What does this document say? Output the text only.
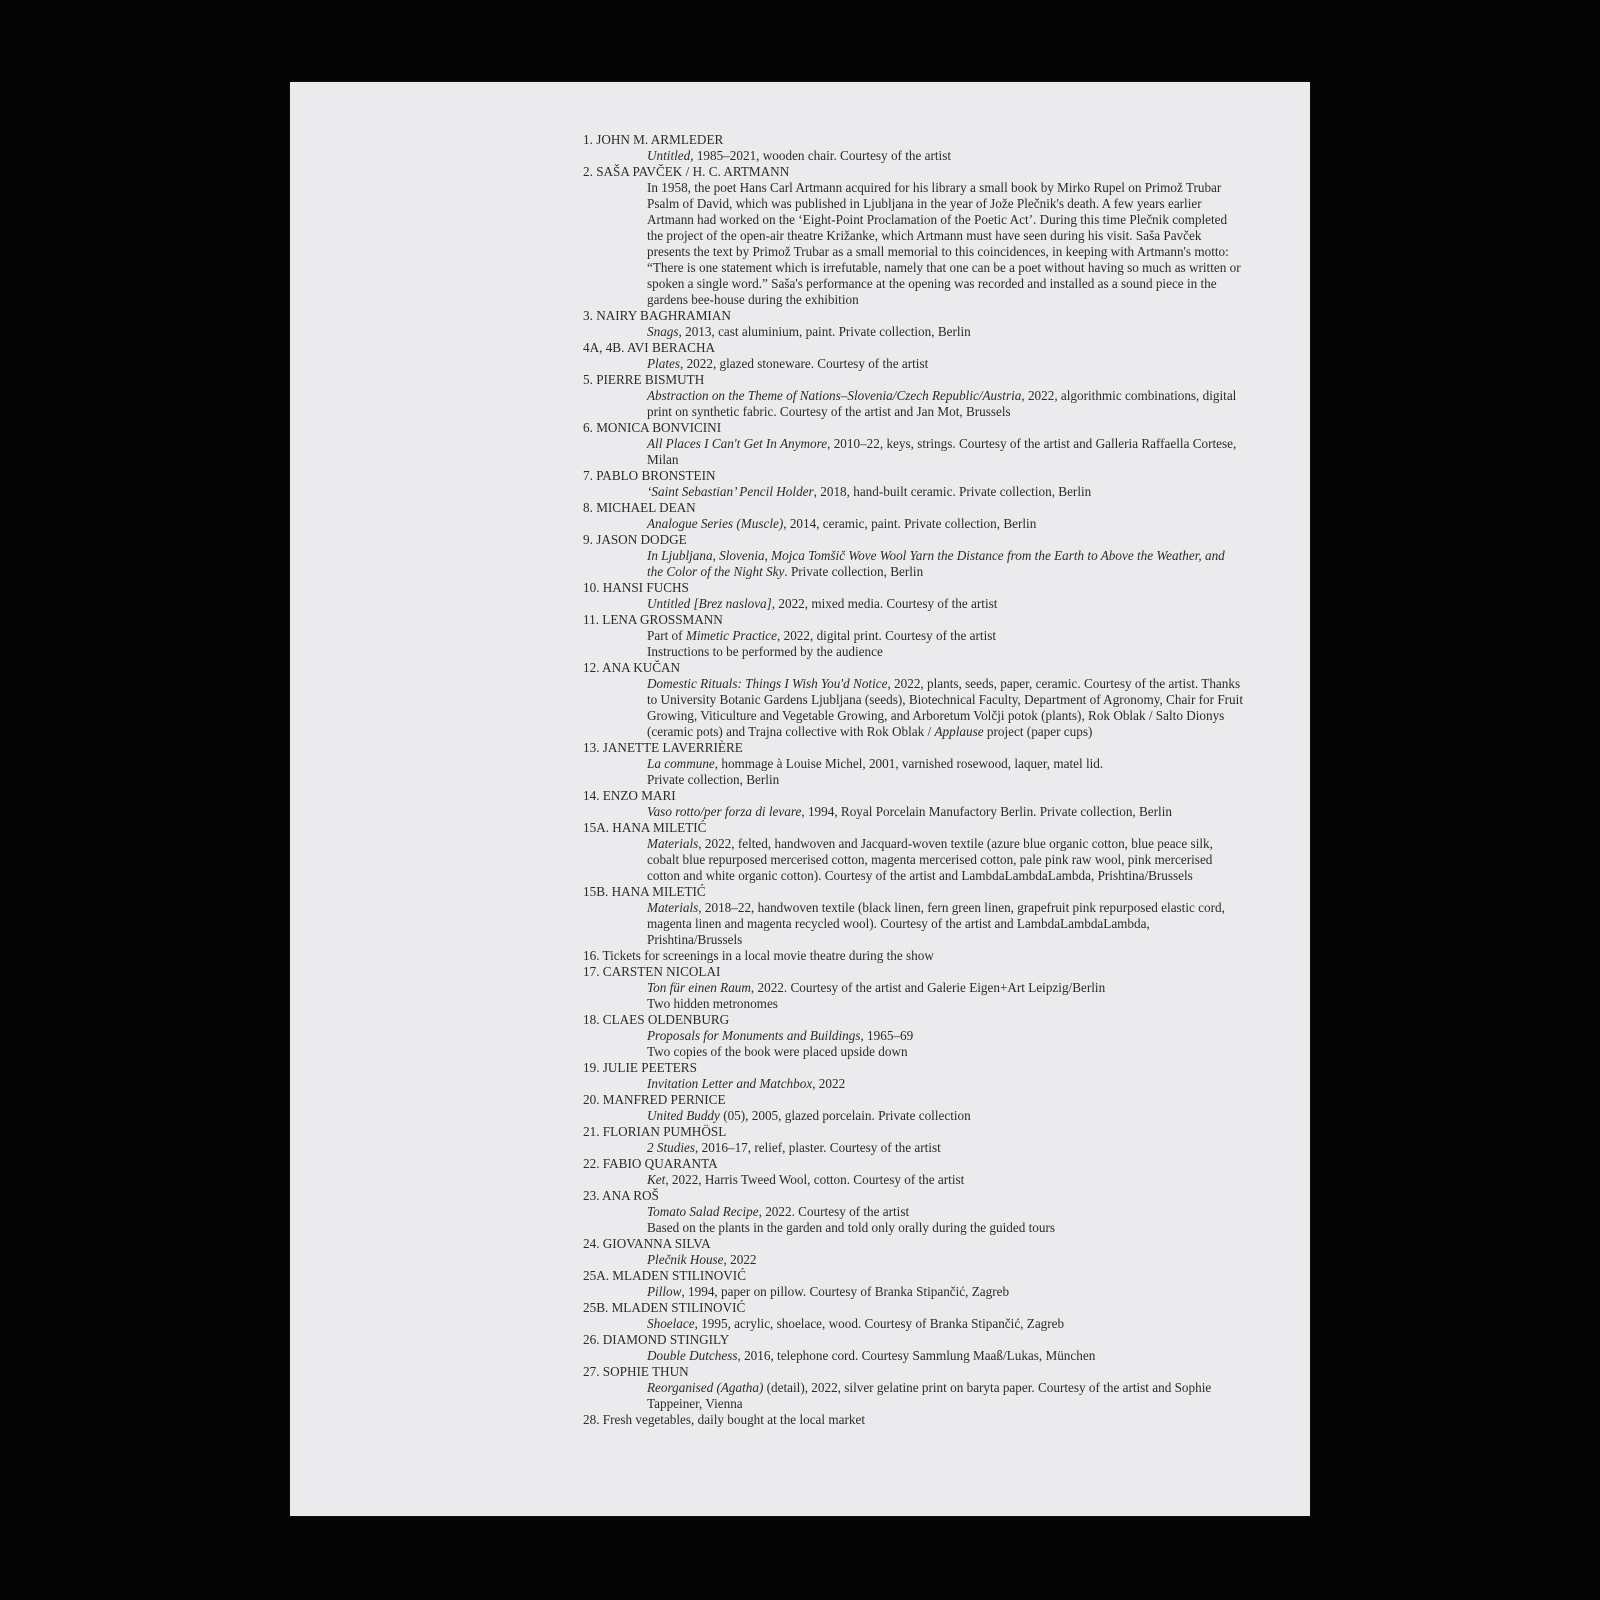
1. JOHN M. ARMLEDER
Untitled, 1985–2021, wooden chair. Courtesy of the artist
2. SAŠA PAVČEK / H. C. ARTMANN
In 1958, the poet Hans Carl Artmann acquired for his library a small book by Mirko Rupel on Primož Trubar Psalm of David, which was published in Ljubljana in the year of Jože Plečnik's death. A few years earlier Artmann had worked on the ‘Eight-Point Proclamation of the Poetic Act’. During this time Plečnik completed the project of the open-air theatre Križanke, which Artmann must have seen during his visit. Saša Pavček presents the text by Primož Trubar as a small memorial to this coincidences, in keeping with Artmann's motto: “There is one statement which is irrefutable, namely that one can be a poet without having so much as written or spoken a single word.” Saša's performance at the opening was recorded and installed as a sound piece in the gardens bee-house during the exhibition
3. NAIRY BAGHRAMIAN
Snags, 2013, cast aluminium, paint. Private collection, Berlin
4A, 4B. AVI BERACHA
Plates, 2022, glazed stoneware. Courtesy of the artist
5. PIERRE BISMUTH
Abstraction on the Theme of Nations–Slovenia/Czech Republic/Austria, 2022, algorithmic combinations, digital print on synthetic fabric. Courtesy of the artist and Jan Mot, Brussels
6. MONICA BONVICINI
All Places I Can't Get In Anymore, 2010–22, keys, strings. Courtesy of the artist and Galleria Raffaella Cortese, Milan
7. PABLO BRONSTEIN
‘Saint Sebastian’ Pencil Holder, 2018, hand-built ceramic. Private collection, Berlin
8. MICHAEL DEAN
Analogue Series (Muscle), 2014, ceramic, paint. Private collection, Berlin
9. JASON DODGE
In Ljubljana, Slovenia, Mojca Tomšič Wove Wool Yarn the Distance from the Earth to Above the Weather, and the Color of the Night Sky. Private collection, Berlin
10. HANSI FUCHS
Untitled [Brez naslova], 2022, mixed media. Courtesy of the artist
11. LENA GROSSMANN
Part of Mimetic Practice, 2022, digital print. Courtesy of the artist
Instructions to be performed by the audience
12. ANA KUČAN
Domestic Rituals: Things I Wish You'd Notice, 2022, plants, seeds, paper, ceramic. Courtesy of the artist. Thanks to University Botanic Gardens Ljubljana (seeds), Biotechnical Faculty, Department of Agronomy, Chair for Fruit Growing, Viticulture and Vegetable Growing, and Arboretum Volčji potok (plants), Rok Oblak / Salto Dionys (ceramic pots) and Trajna collective with Rok Oblak / Applause project (paper cups)
13. JANETTE LAVERRIÈRE
La commune, hommage à Louise Michel, 2001, varnished rosewood, laquer, matel lid.
Private collection, Berlin
14. ENZO MARI
Vaso rotto/per forza di levare, 1994, Royal Porcelain Manufactory Berlin. Private collection, Berlin
15A. HANA MILETIĆ
Materials, 2022, felted, handwoven and Jacquard-woven textile (azure blue organic cotton, blue peace silk, cobalt blue repurposed mercerised cotton, magenta mercerised cotton, pale pink raw wool, pink mercerised cotton and white organic cotton). Courtesy of the artist and LambdaLambdaLambda, Prishtina/Brussels
15B. HANA MILETIĆ
Materials, 2018–22, handwoven textile (black linen, fern green linen, grapefruit pink repurposed elastic cord, magenta linen and magenta recycled wool). Courtesy of the artist and LambdaLambdaLambda, Prishtina/Brussels
16. Tickets for screenings in a local movie theatre during the show
17. CARSTEN NICOLAI
Ton für einen Raum, 2022. Courtesy of the artist and Galerie Eigen+Art Leipzig/Berlin
Two hidden metronomes
18. CLAES OLDENBURG
Proposals for Monuments and Buildings, 1965–69
Two copies of the book were placed upside down
19. JULIE PEETERS
Invitation Letter and Matchbox, 2022
20. MANFRED PERNICE
United Buddy (05), 2005, glazed porcelain. Private collection
21. FLORIAN PUMHÖSL
2 Studies, 2016–17, relief, plaster. Courtesy of the artist
22. FABIO QUARANTA
Ket, 2022, Harris Tweed Wool, cotton. Courtesy of the artist
23. ANA ROŠ
Tomato Salad Recipe, 2022. Courtesy of the artist
Based on the plants in the garden and told only orally during the guided tours
24. GIOVANNA SILVA
Plečnik House, 2022
25A. MLADEN STILINOVIĆ
Pillow, 1994, paper on pillow. Courtesy of Branka Stipančić, Zagreb
25B. MLADEN STILINOVIĆ
Shoelace, 1995, acrylic, shoelace, wood. Courtesy of Branka Stipančić, Zagreb
26. DIAMOND STINGILY
Double Dutchess, 2016, telephone cord. Courtesy Sammlung Maaß/Lukas, München
27. SOPHIE THUN
Reorganised (Agatha) (detail), 2022, silver gelatine print on baryta paper. Courtesy of the artist and Sophie Tappeiner, Vienna
28. Fresh vegetables, daily bought at the local market
